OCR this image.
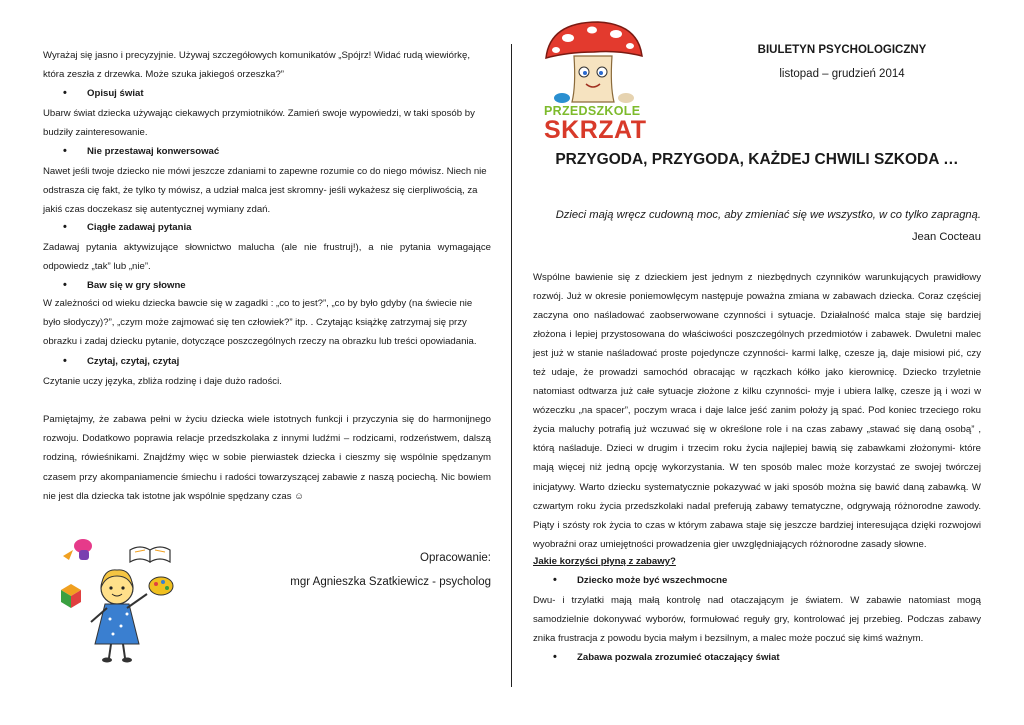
Wyrażaj się jasno i precyzyjnie. Używaj szczegółowych komunikatów „Spójrz! Widać rudą wiewiórkę, która zeszła z drzewka. Może szuka jakiegoś orzeszka?”

• Opisuj świat

Ubarw świat dziecka używając ciekawych przymiotników. Zamień swoje wypowiedzi, w taki sposób by budziły zainteresowanie.

• Nie przestawaj konwersować

Nawet jeśli twoje dziecko nie mówi jeszcze zdaniami to zapewne rozumie co do niego mówisz. Niech nie odstrasza cię fakt, że tylko ty mówisz, a udział malca jest skromny- jeśli wykażesz się cierpliwością, za jakiś czas doczekasz się autentycznej wymiany zdań.

• Ciągłe zadawaj pytania

Zadawaj pytania aktywizujące słownictwo malucha (ale nie frustruj!), a nie pytania wymagające odpowiedz „tak” lub „nie”.

• Baw się w gry słowne

W zależności od wieku dziecka bawcie się w zagadki : „co to jest?”, „co by było gdyby (na świecie nie było słodyczy)?”, „czym może zajmować się ten człowiek?” itp. . Czytając książkę zatrzymaj się przy obrazku i zadaj dziecku pytanie, dotyczące poszczególnych rzeczy na obrazku lub treści opowiadania.

• Czytaj, czytaj, czytaj

Czytanie uczy języka, zbliża rodzinę i daje dużo radości.

Pamiętajmy, że zabawa pełni w życiu dziecka wiele istotnych funkcji i przyczynia się do harmonijnego rozwoju. Dodatkowo poprawia relacje przedszkolaka z innymi ludźmi – rodzicami, rodzeństwem, dalszą rodziną, rówieśnikami. Znajdźmy więc w sobie pierwiastek dziecka i cieszmy się wspólnie spędzanym czasem przy akompaniamencie śmiechu i radości towarzyszącej zabawie z naszą pociechą. Nic bowiem nie jest dla dziecka tak istotne jak wspólnie spędzany czas ☺

Opracowanie:
mgr Agnieszka Szatkiewicz - psycholog
PRZEDSZKOLE
SKRZAT
BIULETYN PSYCHOLOGICZNY
listopad – grudzień 2014
PRZYGODA, PRZYGODA, KAŻDEJ CHWILI SZKODA …
Dzieci mają wręcz cudowną moc, aby zmieniać się we wszystko, w co tylko zapragną.
Jean Cocteau

Wspólne bawienie się z dzieckiem jest jednym z niezbędnych czynników warunkujących prawidłowy rozwój. Już w okresie poniemowlęcym następuje poważna zmiana w zabawach dziecka. Coraz częściej zaczyna ono naśladować zaobserwowane czynności i sytuacje. Działalność malca staje się bardziej złożona i lepiej przystosowana do właściwości poszczególnych przedmiotów i zabawek. Dwuletni malec jest już w stanie naśladować proste pojedyncze czynności- karmi lalkę, czesze ją, daje misiowi pić, czy też udaje, że prowadzi samochód obracając w rączkach kółko jako kierownicę. Dziecko trzyletnie natomiast odtwarza już całe sytuacje złożone z kilku czynności- myje i ubiera lalkę, czesze ją i wozi w wózeczku „na spacer”, poczym wraca i daje lalce jeść zanim położy ją spać. Pod koniec trzeciego roku życia maluchy potrafią już wczuwać się w określone role i na czas zabawy „stawać się daną osobą” , którą naśladuje. Dzieci w drugim i trzecim roku życia najlepiej bawią się zabawkami złożonymi- które mają więcej niż jedną opcję wykorzystania. W ten sposób malec może korzystać ze swojej twórczej inicjatywy. Warto dziecku systematycznie pokazywać w jaki sposób można się bawić daną zabawką. W czwartym roku życia przedszkolaki nadal preferują zabawy tematyczne, odgrywają różnorodne zawody. Piąty i szósty rok życia to czas w którym zabawa staje się jeszcze bardziej interesująca dzięki rozwojowi wyobraźni oraz umiejętności prowadzenia gier uwzględniających różnorodne zasady słowne.

Jakie korzyści płyną z zabawy?

• Dziecko może być wszechmocne

Dwu- i trzylatki mają małą kontrolę nad otaczającym je światem. W zabawie natomiast mogą samodzielnie dokonywać wyborów, formułować reguły gry, kontrolować jej przebieg. Podczas zabawy znika frustracja z powodu bycia małym i bezsilnym, a malec może poczuć się kimś ważnym.

• Zabawa pozwala zrozumieć otaczający świat
